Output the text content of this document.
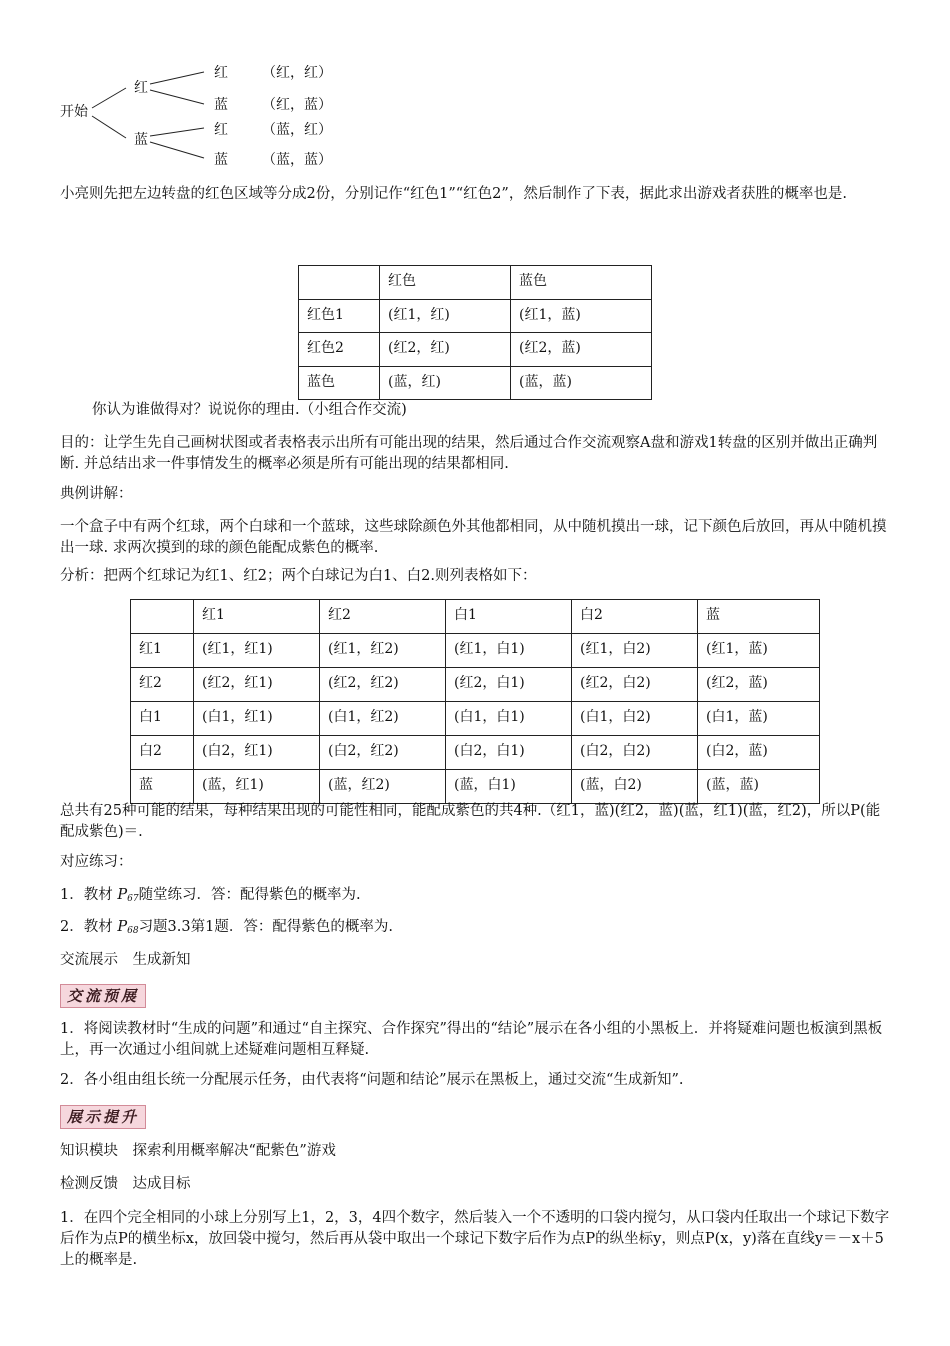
开始
红
蓝
红
蓝
红
蓝
（红，红）
（红，蓝）
（蓝，红）
（蓝，蓝）
小亮则先把左边转盘的红色区域等分成2份，分别记作“红色1”“红色2”，然后制作了下表，据此求出游戏者获胜的概率也是.
	红色	蓝色
红色1	(红1，红)	(红1，蓝)
红色2	(红2，红)	(红2，蓝)
蓝色	(蓝，红)	(蓝，蓝)
你认为谁做得对？说说你的理由.（小组合作交流)
目的：让学生先自己画树状图或者表格表示出所有可能出现的结果，然后通过合作交流观察A盘和游戏1转盘的区别并做出正确判断. 并总结出求一件事情发生的概率必须是所有可能出现的结果都相同.
典例讲解：
一个盒子中有两个红球，两个白球和一个蓝球，这些球除颜色外其他都相同，从中随机摸出一球，记下颜色后放回，再从中随机摸出一球. 求两次摸到的球的颜色能配成紫色的概率.
分析：把两个红球记为红1、红2；两个白球记为白1、白2.则列表格如下：
	红1	红2	白1	白2	蓝
红1	(红1，红1)	(红1，红2)	(红1，白1)	(红1，白2)	(红1，蓝)
红2	(红2，红1)	(红2，红2)	(红2，白1)	(红2，白2)	(红2，蓝)
白1	(白1，红1)	(白1，红2)	(白1，白1)	(白1，白2)	(白1，蓝)
白2	(白2，红1)	(白2，红2)	(白2，白1)	(白2，白2)	(白2，蓝)
蓝	(蓝，红1)	(蓝，红2)	(蓝，白1)	(蓝，白2)	(蓝，蓝)
总共有25种可能的结果，每种结果出现的可能性相同，能配成紫色的共4种.（红1，蓝)(红2，蓝)(蓝，红1)(蓝，红2)，所以P(能配成紫色)＝.
对应练习：
1．教材 $P_{67}$随堂练习．答：配得紫色的概率为.
2．教材 $P_{68}$习题3.3第1题．答：配得紫色的概率为.
交流展示　生成新知
交流预展
1．将阅读教材时“生成的问题”和通过“自主探究、合作探究”得出的“结论”展示在各小组的小黑板上．并将疑难问题也板演到黑板上，再一次通过小组间就上述疑难问题相互释疑.
2．各小组由组长统一分配展示任务，由代表将“问题和结论”展示在黑板上，通过交流“生成新知”.
展示提升
知识模块　探索利用概率解决“配紫色”游戏
检测反馈　达成目标
1．在四个完全相同的小球上分别写上1，2，3，4四个数字，然后装入一个不透明的口袋内搅匀，从口袋内任取出一个球记下数字后作为点P的横坐标x，放回袋中搅匀，然后再从袋中取出一个球记下数字后作为点P的纵坐标y，则点P(x，y)落在直线y＝－x＋5上的概率是.
